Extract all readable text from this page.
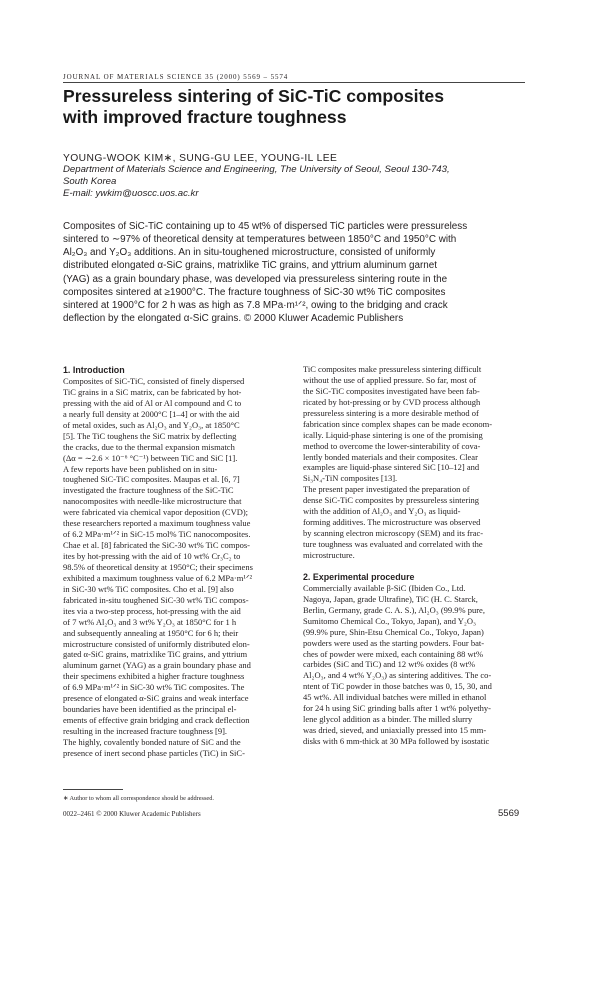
JOURNAL OF MATERIALS SCIENCE 35 (2000) 5569 – 5574
Pressureless sintering of SiC-TiC composites
with improved fracture toughness
YOUNG-WOOK KIM∗, SUNG-GU LEE, YOUNG-IL LEE
Department of Materials Science and Engineering, The University of Seoul, Seoul 130-743,
South Korea
E-mail: ywkim@uoscc.uos.ac.kr
Composites of SiC-TiC containing up to 45 wt% of dispersed TiC particles were pressureless
sintered to ∼97% of theoretical density at temperatures between 1850°C and 1950°C with
Al₂O₃ and Y₂O₃ additions. An in situ-toughened microstructure, consisted of uniformly
distributed elongated α-SiC grains, matrixlike TiC grains, and yttrium aluminum garnet
(YAG) as a grain boundary phase, was developed via pressureless sintering route in the
composites sintered at ≥1900°C. The fracture toughness of SiC-30 wt% TiC composites
sintered at 1900°C for 2 h was as high as 7.8 MPa·m¹ᐟ², owing to the bridging and crack
deflection by the elongated α-SiC grains. © 2000 Kluwer Academic Publishers
1. Introduction
Composites of SiC-TiC, consisted of finely dispersed
TiC grains in a SiC matrix, can be fabricated by hot-
pressing with the aid of Al or Al compound and C to
a nearly full density at 2000°C [1–4] or with the aid
of metal oxides, such as Al₂O₃ and Y₂O₃, at 1850°C
[5]. The TiC toughens the SiC matrix by deflecting
the cracks, due to the thermal expansion mismatch
(Δα = ∼2.6 × 10⁻⁶ °C⁻¹) between TiC and SiC [1].
A few reports have been published on in situ-
toughened SiC-TiC composites. Maupas et al. [6, 7]
investigated the fracture toughness of the SiC-TiC
nanocomposites with needle-like microstructure that
were fabricated via chemical vapor deposition (CVD);
these researchers reported a maximum toughness value
of 6.2 MPa·m¹ᐟ² in SiC-15 mol% TiC nanocomposites.
Chae et al. [8] fabricated the SiC-30 wt% TiC compos-
ites by hot-pressing with the aid of 10 wt% Cr₃C₂ to
98.5% of theoretical density at 1950°C; their specimens
exhibited a maximum toughness value of 6.2 MPa·m¹ᐟ²
in SiC-30 wt% TiC composites. Cho et al. [9] also
fabricated in-situ toughened SiC-30 wt% TiC compos-
ites via a two-step process, hot-pressing with the aid
of 7 wt% Al₂O₃ and 3 wt% Y₂O₃ at 1850°C for 1 h
and subsequently annealing at 1950°C for 6 h; their
microstructure consisted of uniformly distributed elon-
gated α-SiC grains, matrixlike TiC grains, and yttrium
aluminum garnet (YAG) as a grain boundary phase and
their specimens exhibited a higher fracture toughness
of 6.9 MPa·m¹ᐟ² in SiC-30 wt% TiC composites. The
presence of elongated α-SiC grains and weak interface
boundaries have been identified as the principal el-
ements of effective grain bridging and crack deflection
resulting in the increased fracture toughness [9].
The highly, covalently bonded nature of SiC and the
presence of inert second phase particles (TiC) in SiC-
TiC composites make pressureless sintering difficult
without the use of applied pressure. So far, most of
the SiC-TiC composites investigated have been fab-
ricated by hot-pressing or by CVD process although
pressureless sintering is a more desirable method of
fabrication since complex shapes can be made econom-
ically. Liquid-phase sintering is one of the promising
method to overcome the lower-sinterability of cova-
lently bonded materials and their composites. Clear
examples are liquid-phase sintered SiC [10–12] and
Si₃N₄-TiN composites [13].
The present paper investigated the preparation of
dense SiC-TiC composites by pressureless sintering
with the addition of Al₂O₃ and Y₂O₃ as liquid-
forming additives. The microstructure was observed
by scanning electron microscopy (SEM) and its frac-
ture toughness was evaluated and correlated with the
microstructure.
2. Experimental procedure
Commercially available β-SiC (Ibiden Co., Ltd.
Nagoya, Japan, grade Ultrafine), TiC (H. C. Starck,
Berlin, Germany, grade C. A. S.), Al₂O₃ (99.9% pure,
Sumitomo Chemical Co., Tokyo, Japan), and Y₂O₃
(99.9% pure, Shin-Etsu Chemical Co., Tokyo, Japan)
powders were used as the starting powders. Four bat-
ches of powder were mixed, each containing 88 wt%
carbides (SiC and TiC) and 12 wt% oxides (8 wt%
Al₂O₃, and 4 wt% Y₂O₃) as sintering additives. The co-
ntent of TiC powder in those batches was 0, 15, 30, and
45 wt%. All individual batches were milled in ethanol
for 24 h using SiC grinding balls after 1 wt% polyethy-
lene glycol addition as a binder. The milled slurry
was dried, sieved, and uniaxially pressed into 15 mm-
disks with 6 mm-thick at 30 MPa followed by isostatic
∗ Author to whom all correspondence should be addressed.
0022–2461 © 2000 Kluwer Academic Publishers	5569
